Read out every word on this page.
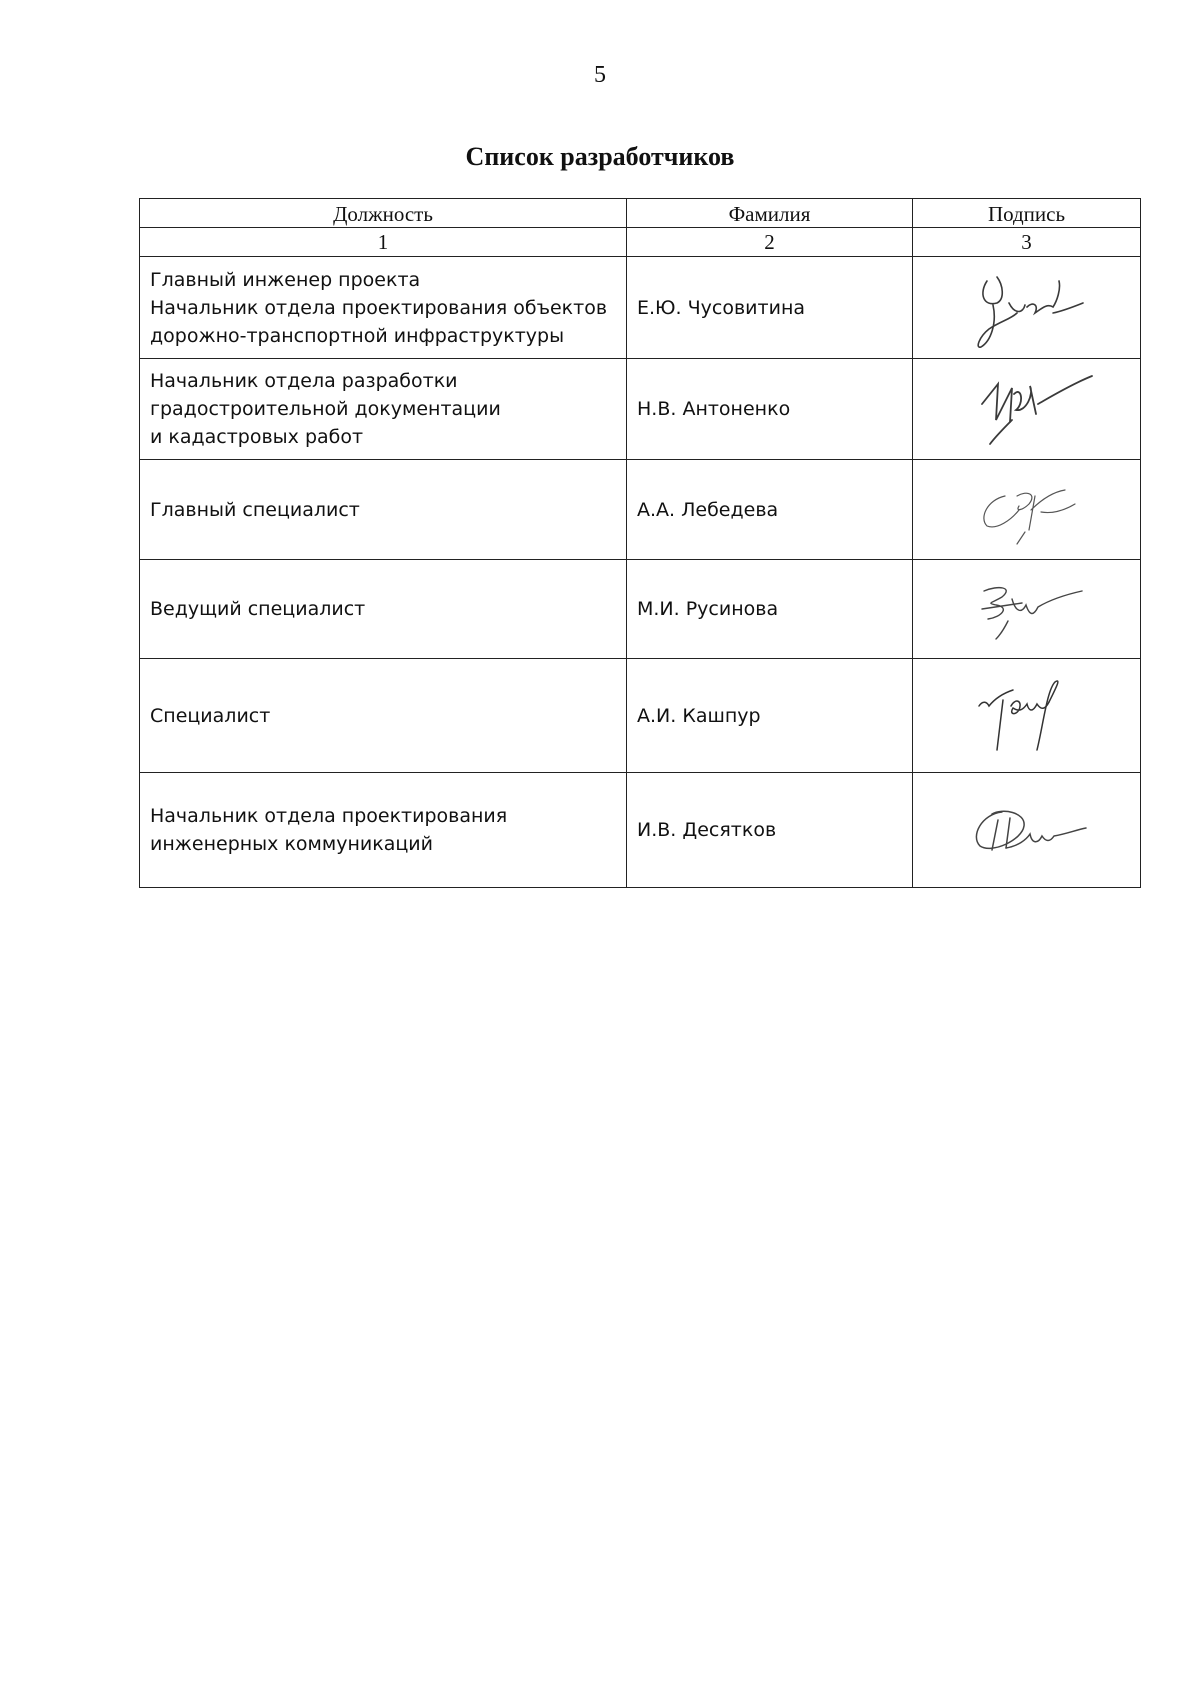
5
Список разработчиков
Должность	Фамилия	Подпись
1	2	3

Главный инженер проекта
Начальник отдела проектирования объектов
дорожно-транспортной инфраструктуры	Е.Ю. Чусовитина	

Начальник отдела разработки
градостроительной документации
и кадастровых работ	Н.В. Антоненко	

Главный специалист	А.А. Лебедева	

Ведущий специалист	М.И. Русинова	

Специалист	А.И. Кашпур	

Начальник отдела проектирования
инженерных коммуникаций	И.В. Десятков	
